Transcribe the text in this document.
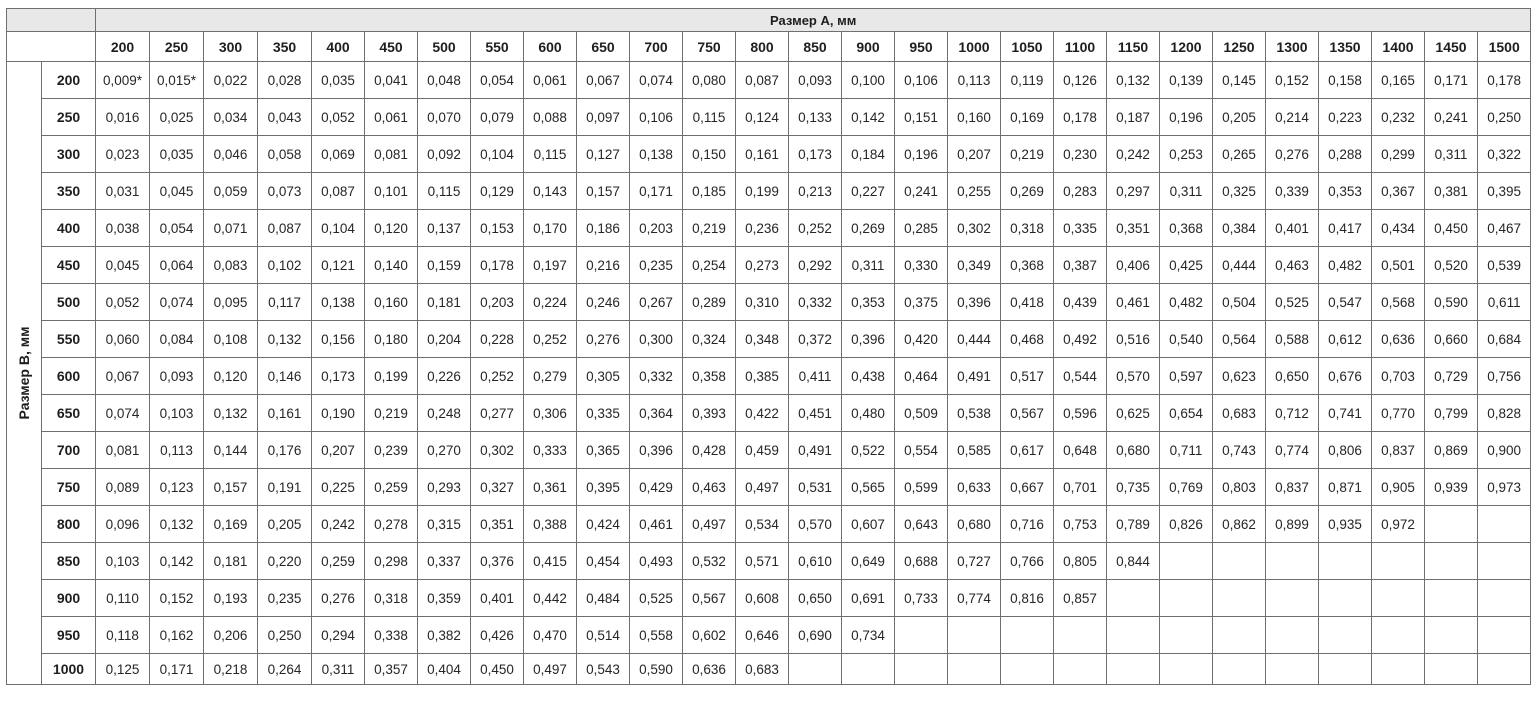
		Размер A, мм																										
		200	250	300	350	400	450	500	550	600	650	700	750	800	850	900	950	1000	1050	1100	1150	1200	1250	1300	1350	1400	1450	1500

Размер B, мм	200	0,009*	0,015*	0,022	0,028	0,035	0,041	0,048	0,054	0,061	0,067	0,074	0,080	0,087	0,093	0,100	0,106	0,113	0,119	0,126	0,132	0,139	0,145	0,152	0,158	0,165	0,171	0,178
	250	0,016	0,025	0,034	0,043	0,052	0,061	0,070	0,079	0,088	0,097	0,106	0,115	0,124	0,133	0,142	0,151	0,160	0,169	0,178	0,187	0,196	0,205	0,214	0,223	0,232	0,241	0,250
	300	0,023	0,035	0,046	0,058	0,069	0,081	0,092	0,104	0,115	0,127	0,138	0,150	0,161	0,173	0,184	0,196	0,207	0,219	0,230	0,242	0,253	0,265	0,276	0,288	0,299	0,311	0,322
	350	0,031	0,045	0,059	0,073	0,087	0,101	0,115	0,129	0,143	0,157	0,171	0,185	0,199	0,213	0,227	0,241	0,255	0,269	0,283	0,297	0,311	0,325	0,339	0,353	0,367	0,381	0,395
	400	0,038	0,054	0,071	0,087	0,104	0,120	0,137	0,153	0,170	0,186	0,203	0,219	0,236	0,252	0,269	0,285	0,302	0,318	0,335	0,351	0,368	0,384	0,401	0,417	0,434	0,450	0,467
	450	0,045	0,064	0,083	0,102	0,121	0,140	0,159	0,178	0,197	0,216	0,235	0,254	0,273	0,292	0,311	0,330	0,349	0,368	0,387	0,406	0,425	0,444	0,463	0,482	0,501	0,520	0,539
	500	0,052	0,074	0,095	0,117	0,138	0,160	0,181	0,203	0,224	0,246	0,267	0,289	0,310	0,332	0,353	0,375	0,396	0,418	0,439	0,461	0,482	0,504	0,525	0,547	0,568	0,590	0,611
	550	0,060	0,084	0,108	0,132	0,156	0,180	0,204	0,228	0,252	0,276	0,300	0,324	0,348	0,372	0,396	0,420	0,444	0,468	0,492	0,516	0,540	0,564	0,588	0,612	0,636	0,660	0,684
	600	0,067	0,093	0,120	0,146	0,173	0,199	0,226	0,252	0,279	0,305	0,332	0,358	0,385	0,411	0,438	0,464	0,491	0,517	0,544	0,570	0,597	0,623	0,650	0,676	0,703	0,729	0,756
	650	0,074	0,103	0,132	0,161	0,190	0,219	0,248	0,277	0,306	0,335	0,364	0,393	0,422	0,451	0,480	0,509	0,538	0,567	0,596	0,625	0,654	0,683	0,712	0,741	0,770	0,799	0,828
	700	0,081	0,113	0,144	0,176	0,207	0,239	0,270	0,302	0,333	0,365	0,396	0,428	0,459	0,491	0,522	0,554	0,585	0,617	0,648	0,680	0,711	0,743	0,774	0,806	0,837	0,869	0,900
	750	0,089	0,123	0,157	0,191	0,225	0,259	0,293	0,327	0,361	0,395	0,429	0,463	0,497	0,531	0,565	0,599	0,633	0,667	0,701	0,735	0,769	0,803	0,837	0,871	0,905	0,939	0,973
	800	0,096	0,132	0,169	0,205	0,242	0,278	0,315	0,351	0,388	0,424	0,461	0,497	0,534	0,570	0,607	0,643	0,680	0,716	0,753	0,789	0,826	0,862	0,899	0,935	0,972		
	850	0,103	0,142	0,181	0,220	0,259	0,298	0,337	0,376	0,415	0,454	0,493	0,532	0,571	0,610	0,649	0,688	0,727	0,766	0,805	0,844							
	900	0,110	0,152	0,193	0,235	0,276	0,318	0,359	0,401	0,442	0,484	0,525	0,567	0,608	0,650	0,691	0,733	0,774	0,816	0,857								
	950	0,118	0,162	0,206	0,250	0,294	0,338	0,382	0,426	0,470	0,514	0,558	0,602	0,646	0,690	0,734												
	1000	0,125	0,171	0,218	0,264	0,311	0,357	0,404	0,450	0,497	0,543	0,590	0,636	0,683														
